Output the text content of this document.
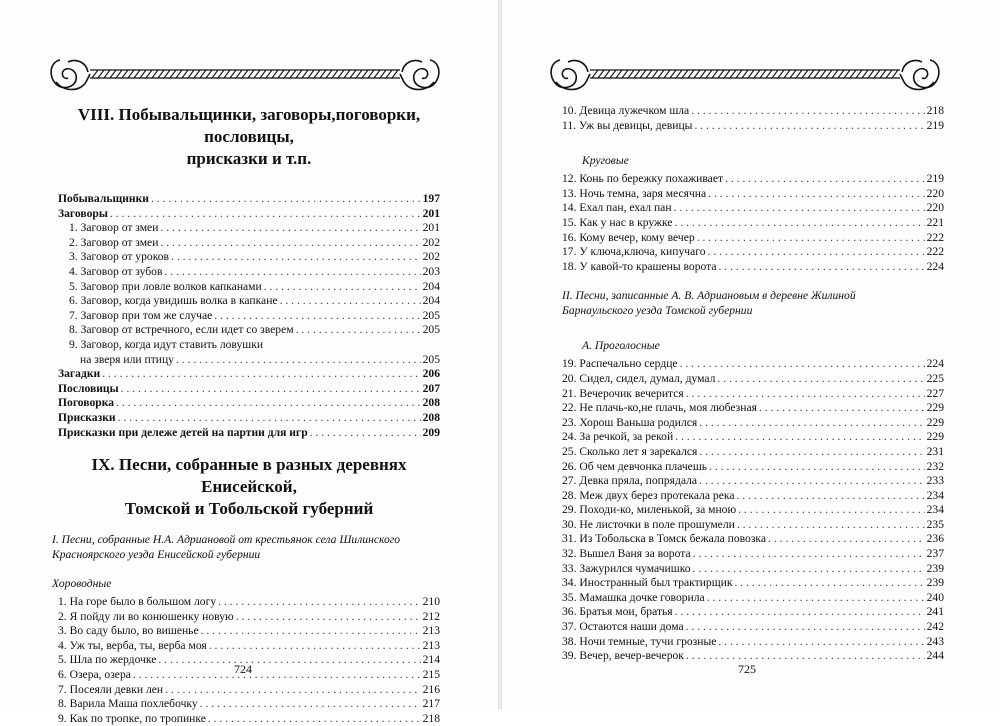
VIII. Побывальщинки, заговоры,поговорки, пословицы,
присказки и т.п.
Побывальщинки . . .	197
Заговоры . . .	201
1. Заговор от змеи . . .	201
2. Заговор от змеи . . .	202
3. Заговор от уроков . . .	202
4. Заговор от зубов . . .	203
5. Заговор при ловле волков капканами . . .	204
6. Заговор, когда увидишь волка в капкане . . .	204
7. Заговор при том же случае . . .	205
8. Заговор от встречного, если идет со зверем . . .	205
9. Заговор, когда идут ставить ловушки
на зверя или птицу . . .	205
Загадки . . .	206
Пословицы . . .	207
Поговорка . . .	208
Присказки . . .	208
Присказки при дележе детей на партии для игр . . .	209
IX. Песни, собранные в разных деревнях Енисейской,
Томской и Тобольской губерний
I. Песни, собранные Н.А. Адриановой от крестьянок села Шилинского
Красноярского уезда Енисейской губернии
Хороводные
1. На горе было в большом логу . . .	210
2. Я пойду ли во конюшенку новую . . .	212
3. Во саду было, во вишенье . . .	213
4. Уж ты, верба, ты, верба моя . . .	213
5. Шла по жердочке . . .	214
6. Озера, озера . . .	215
7. Посеяли девки лен . . .	216
8. Варила Маша похлебочку . . .	217
9. Как по тропке, по тропинке . . .	218
724
10. Девица лужечком шла . . .	218
11. Уж вы девицы, девицы . . .	219
Круговые
12. Конь по бережку похаживает . . .	219
13. Ночь темна, заря месячна . . .	220
14. Ехал пан, ехал пан . . .	220
15. Как у нас в кружке . . .	221
16. Кому вечер, кому вечер . . .	222
17. У ключа,ключа, кипучаго . . .	222
18. У кавой-то крашены ворота . . .	224
II. Песни, записанные А. В. Адриановым в деревне Жилиной
Барнаульского уезда Томской губернии
А. Проголосные
19. Распечально сердце . . .	224
20. Сидел, сидел, думал, думал . . .	225
21. Вечерочик вечерится . . .	227
22. Не плачь-ко,не плачь, моя любезная . . .	229
23. Хорош Ваньша родился . . .	229
24. За речкой, за рекой . . .	229
25. Сколько лет я зарекался . . .	231
26. Об чем девчонка плачешь . . .	232
27. Девка пряла, попрядала . . .	233
28. Меж двух берез протекала река . . .	234
29. Походи-ко, миленькой, за мною . . .	234
30. Не листочки в поле прошумели . . .	235
31. Из Тобольска в Томск бежала повозка . . .	236
32. Вышел Ваня за ворота . . .	237
33. Зажурился чумачишко . . .	239
34. Иностранный был трактирщик . . .	239
35. Мамашка дочке говорила . . .	240
36. Братья мои, братья . . .	241
37. Остаются наши дома . . .	242
38. Ночи темные, тучи грозные . . .	243
39. Вечер, вечер-вечерок . . .	244
725
